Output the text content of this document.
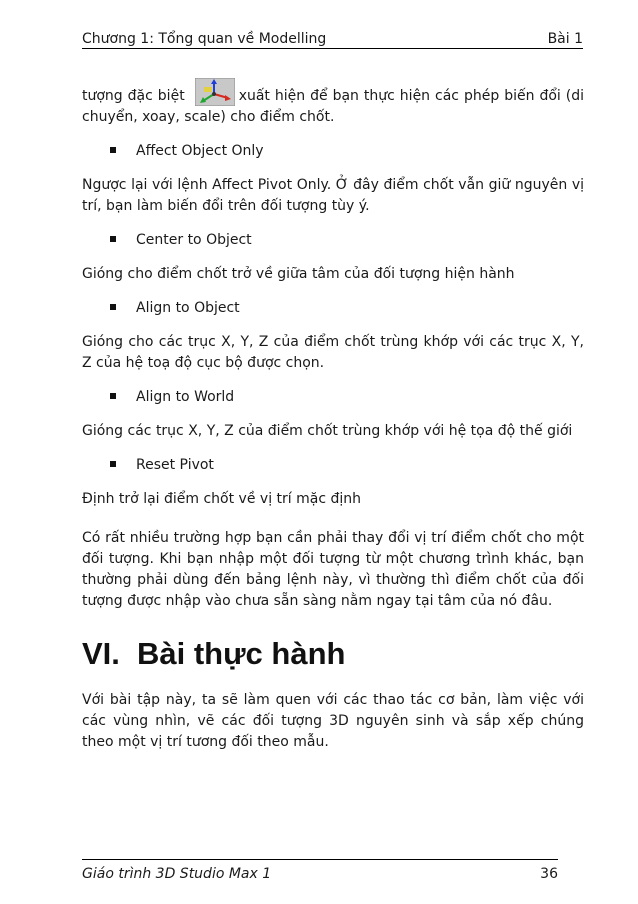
Chương 1: Tổng quan về Modelling	Bài 1

tượng đặc biệt	xuất hiện để bạn thực hiện các phép biến đổi (di chuyển, xoay, scale) cho điểm chốt.

Affect Object Only

Ngược lại với lệnh Affect Pivot Only. Ở đây điểm chốt vẫn giữ nguyên vị trí, bạn làm biến đổi trên đối tượng tùy ý.

Center to Object

Gióng cho điểm chốt trở về giữa tâm của đối tượng hiện hành

Align to Object

Gióng cho các trục X, Y, Z của điểm chốt trùng khớp với các trục X, Y, Z của hệ toạ độ cục bộ được chọn.

Align to World

Gióng các trục X, Y, Z của điểm chốt trùng khớp với hệ tọa độ thế giới

Reset Pivot

Định trở lại điểm chốt về vị trí mặc định

Có rất nhiều trường hợp bạn cần phải thay đổi vị trí điểm chốt cho một đối tượng. Khi bạn nhập một đối tượng từ một chương trình khác, bạn thường phải dùng đến bảng lệnh này, vì thường thì điểm chốt của đối tượng được nhập vào chưa sẵn sàng nằm ngay tại tâm của nó đâu.

VI. Bài thực hành

Với bài tập này, ta sẽ làm quen với các thao tác cơ bản, làm việc với các vùng nhìn, vẽ các đối tượng 3D nguyên sinh và sắp xếp chúng theo một vị trí tương đối theo mẫu.

Giáo trình 3D Studio Max 1	36
